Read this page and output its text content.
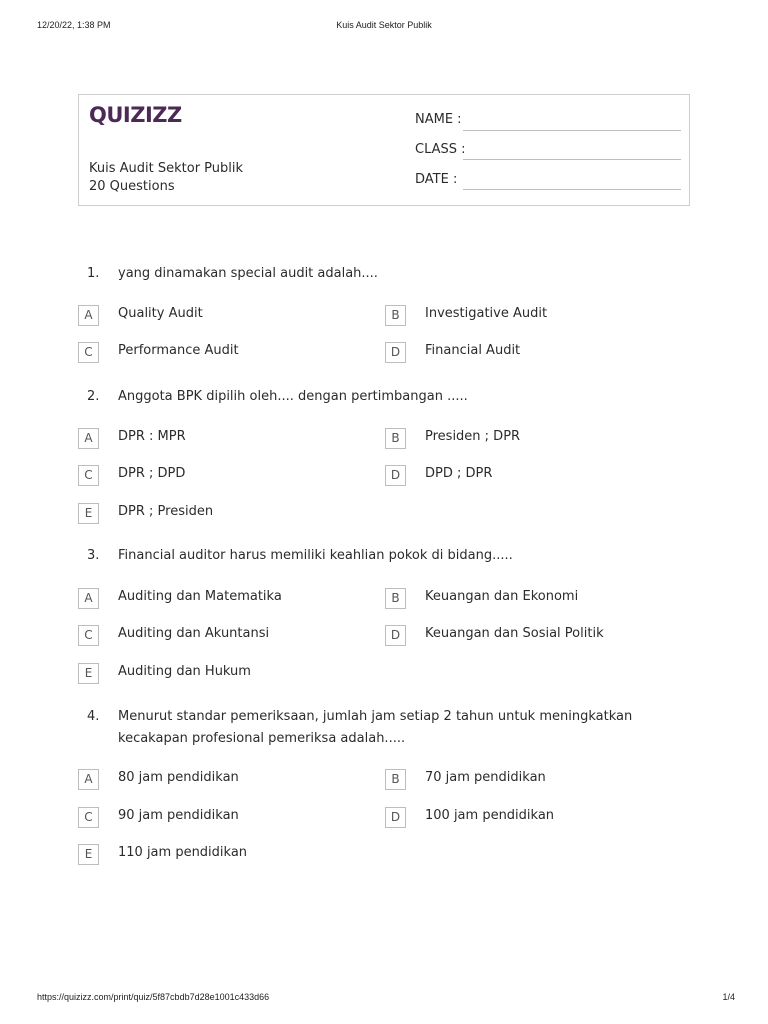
12/20/22, 1:38 PM	Kuis Audit Sektor Publik
QUIZIZZ
Kuis Audit Sektor Publik
20 Questions
NAME :
CLASS :
DATE :
1. yang dinamakan special audit adalah....
A	Quality Audit	B	Investigative Audit
C	Performance Audit	D	Financial Audit
2. Anggota BPK dipilih oleh.... dengan pertimbangan .....
A	DPR : MPR	B	Presiden ; DPR
C	DPR ; DPD	D	DPD ; DPR
E	DPR ; Presiden
3. Financial auditor harus memiliki keahlian pokok di bidang.....
A	Auditing dan Matematika	B	Keuangan dan Ekonomi
C	Auditing dan Akuntansi	D	Keuangan dan Sosial Politik
E	Auditing dan Hukum
4. Menurut standar pemeriksaan, jumlah jam setiap 2 tahun untuk meningkatkan kecakapan profesional pemeriksa adalah.....
A	80 jam pendidikan	B	70 jam pendidikan
C	90 jam pendidikan	D	100 jam pendidikan
E	110 jam pendidikan
https://quizizz.com/print/quiz/5f87cbdb7d28e1001c433d66	1/4
